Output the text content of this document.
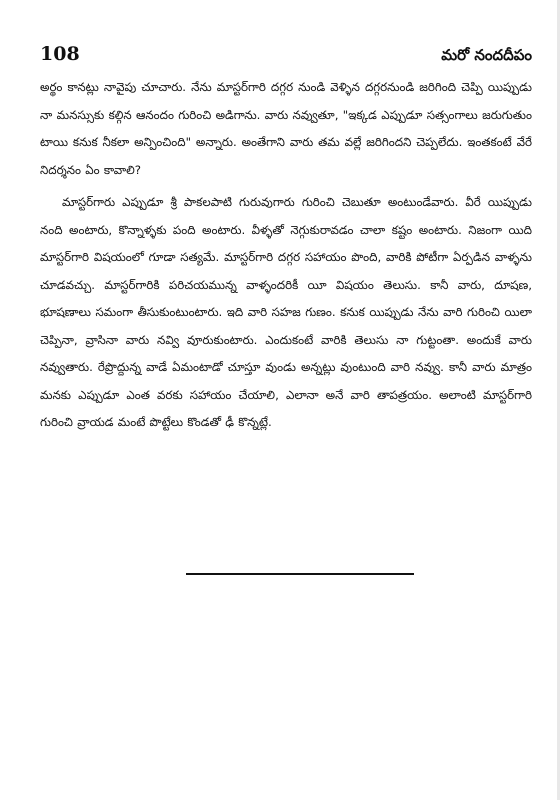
108	మరో నందదీపం

అర్థం కానట్లు నావైపు చూచారు. నేను మాస్టర్‌గారి దగ్గర నుండి వెళ్ళిన దగ్గరనుండి జరిగింది చెప్పి యిప్పుడు నా మనస్సుకు కల్గిన ఆనందం గురించి అడిగాను. వారు నవ్వుతూ, "ఇక్కడ ఎప్పుడూ సత్సంగాలు జరుగుతుం టాయి కనుక నీకలా అన్పించింది" అన్నారు. అంతేగాని వారు తమ వల్లే జరిగిందని చెప్పలేదు. ఇంతకంటే వేరే నిదర్శనం ఏం కావాలి?

మాస్టర్‌గారు ఎప్పుడూ శ్రీ పాకలపాటి గురువుగారు గురించి చెబుతూ అంటుండేవారు. వీరే యిప్పుడు నంది అంటారు, కొన్నాళ్ళకు పంది అంటారు. వీళ్ళతో నెగ్గుకురావడం చాలా కష్టం అంటారు. నిజంగా యిది మాస్టర్‌గారి విషయంలో గూడా సత్యమే. మాస్టర్‌గారి దగ్గర సహాయం పొంది, వారికి పోటీగా ఏర్పడిన వాళ్ళను చూడవచ్చు. మాస్టర్‌గారికి పరిచయమున్న వాళ్ళందరికీ యీ విషయం తెలుసు. కానీ వారు, దూషణ, భూషణాలు సమంగా తీసుకుంటుంటారు. ఇది వారి సహజ గుణం. కనుక యిప్పుడు నేను వారి గురించి యిలా చెప్పినా, వ్రాసినా వారు నవ్వి వూరుకుంటారు. ఎందుకంటే వారికి తెలుసు నా గుట్టంతా. అందుకే వారు నవ్వుతారు. రేప్రొద్దున్న వాడే ఏమంటాడో చూస్తూ వుండు అన్నట్లు వుంటుంది వారి నవ్వు. కానీ వారు మాత్రం మనకు ఎప్పుడూ ఎంత వరకు సహాయం చేయాలి, ఎలానా అనే వారి తాపత్రయం. అలాంటి మాస్టర్‌గారి గురించి వ్రాయడ మంటే పొట్టేలు కొండతో ఢీ కొన్నట్లే.
